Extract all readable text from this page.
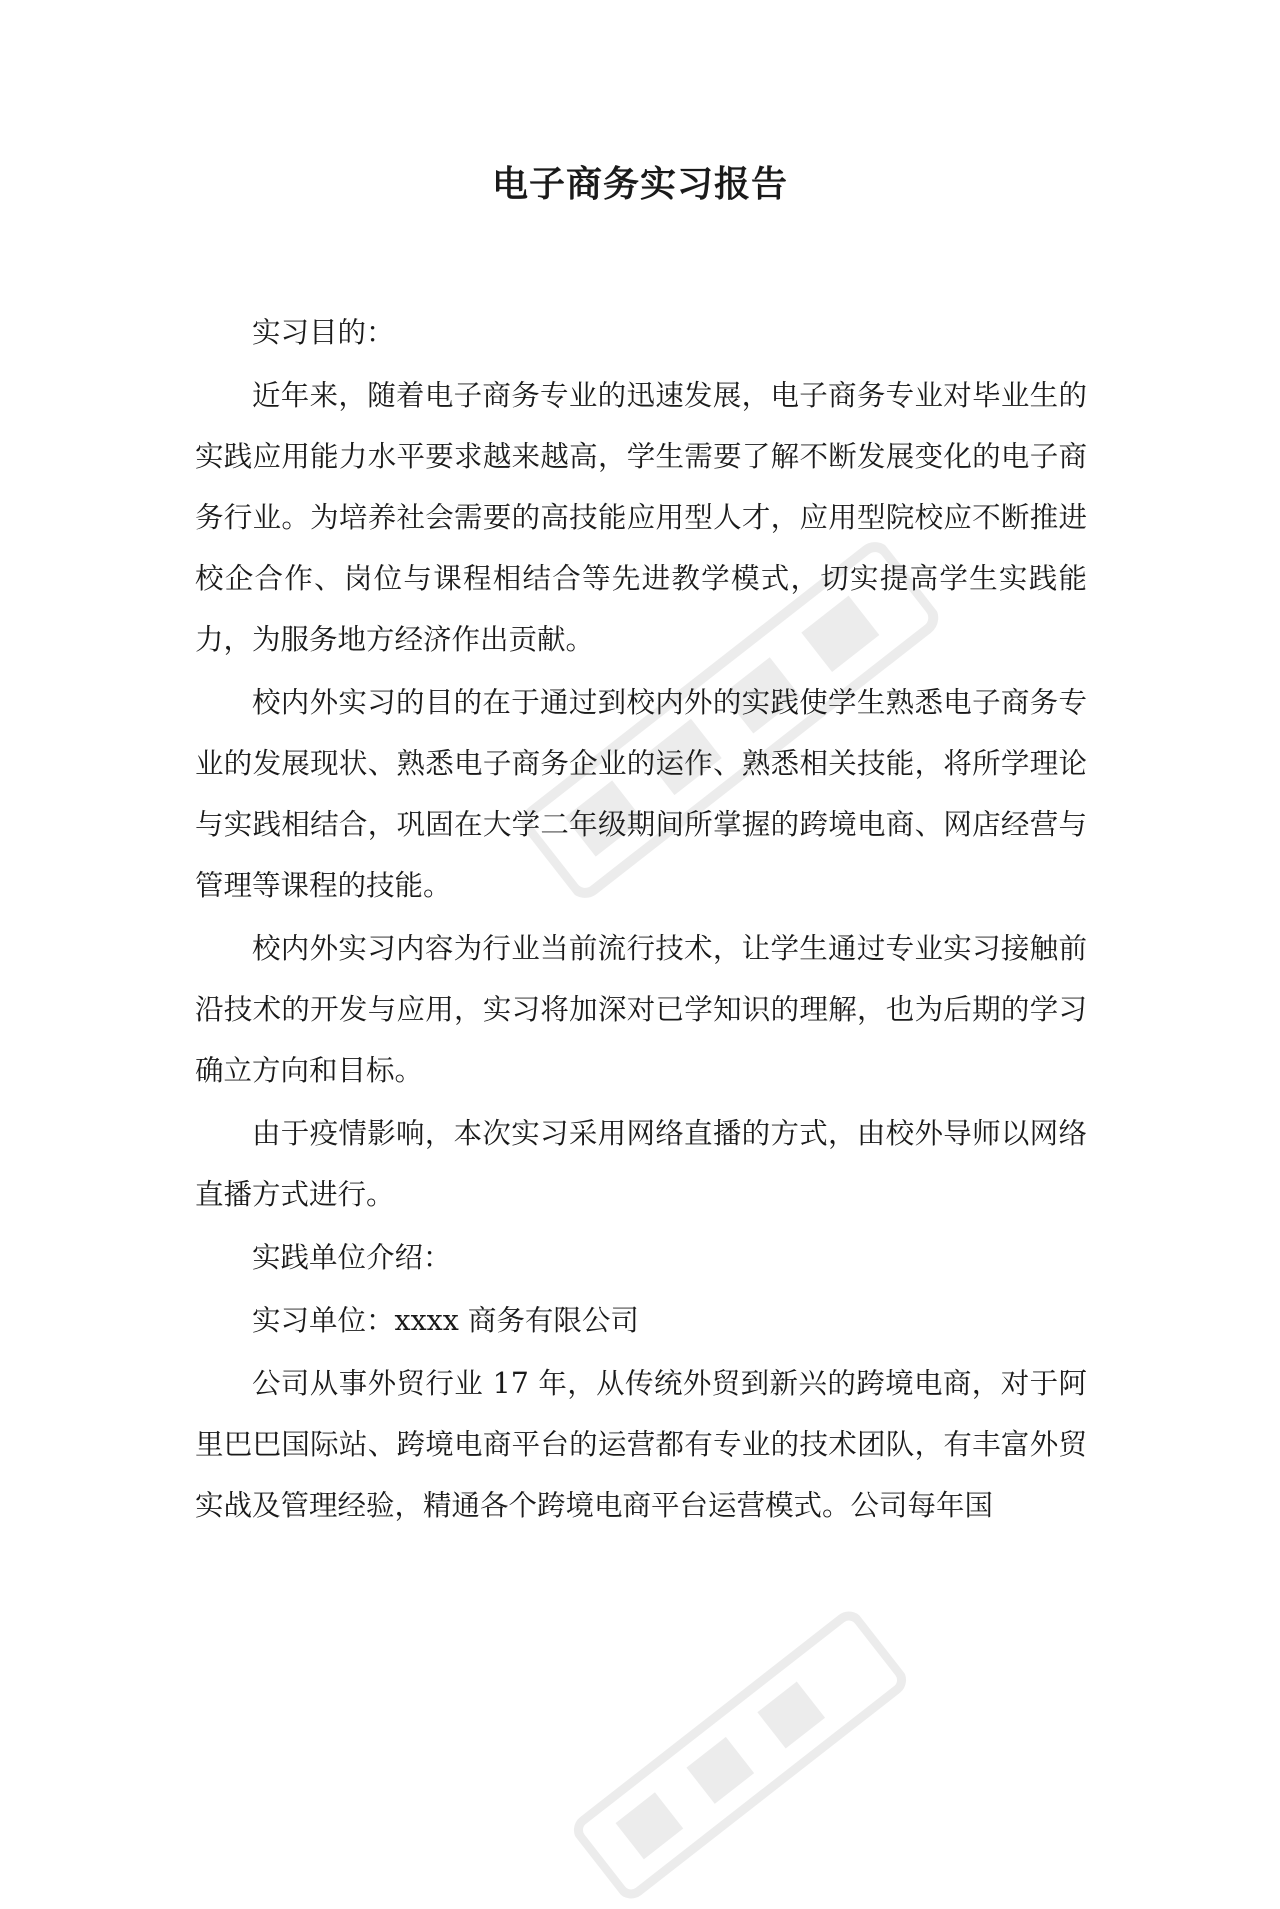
电子商务实习报告

实习目的：

近年来，随着电子商务专业的迅速发展，电子商务专业对毕业生的实践应用能力水平要求越来越高，学生需要了解不断发展变化的电子商务行业。为培养社会需要的高技能应用型人才，应用型院校应不断推进校企合作、岗位与课程相结合等先进教学模式，切实提高学生实践能力，为服务地方经济作出贡献。

校内外实习的目的在于通过到校内外的实践使学生熟悉电子商务专业的发展现状、熟悉电子商务企业的运作、熟悉相关技能，将所学理论与实践相结合，巩固在大学二年级期间所掌握的跨境电商、网店经营与管理等课程的技能。

校内外实习内容为行业当前流行技术，让学生通过专业实习接触前沿技术的开发与应用，实习将加深对已学知识的理解，也为后期的学习确立方向和目标。

由于疫情影响，本次实习采用网络直播的方式，由校外导师以网络直播方式进行。

实践单位介绍：

实习单位：xxxx 商务有限公司

公司从事外贸行业 17 年，从传统外贸到新兴的跨境电商，对于阿里巴巴国际站、跨境电商平台的运营都有专业的技术团队，有丰富外贸实战及管理经验，精通各个跨境电商平台运营模式。公司每年国
